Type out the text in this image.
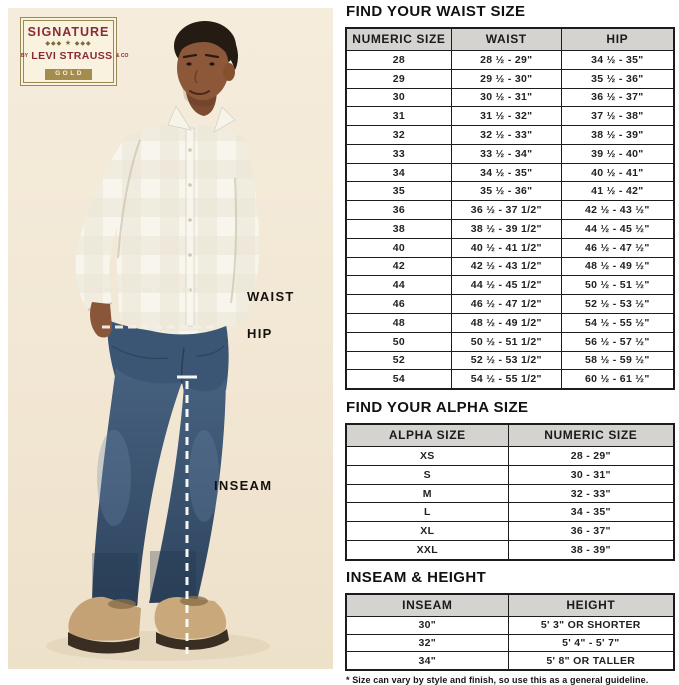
SIGNATURE
◆◆◆ ★ ◆◆◆
BY LEVI STRAUSS & CO
GOLD
WAIST
HIP
INSEAM
FIND YOUR WAIST SIZE
NUMERIC SIZE	WAIST	HIP
28	28 ½ - 29"	34 ½ - 35"
29	29 ½ - 30"	35 ½ - 36"
30	30 ½ - 31"	36 ½ - 37"
31	31 ½ - 32"	37 ½ - 38"
32	32 ½ - 33"	38 ½ - 39"
33	33 ½ - 34"	39 ½ - 40"
34	34 ½ - 35"	40 ½ - 41"
35	35 ½ - 36"	41 ½ - 42"
36	36 ½ - 37 1/2"	42 ½ - 43 ½"
38	38 ½ - 39 1/2"	44 ½ - 45 ½"
40	40 ½ - 41 1/2"	46 ½ - 47 ½"
42	42 ½ - 43 1/2"	48 ½ - 49 ½"
44	44 ½ - 45 1/2"	50 ½ - 51 ½"
46	46 ½ - 47 1/2"	52 ½ - 53 ½"
48	48 ½ - 49 1/2"	54 ½ - 55 ½"
50	50 ½ - 51 1/2"	56 ½ - 57 ½"
52	52 ½ - 53 1/2"	58 ½ - 59 ½"
54	54 ½ - 55 1/2"	60 ½ - 61 ½"
FIND YOUR ALPHA SIZE
ALPHA SIZE	NUMERIC SIZE
XS	28 - 29"
S	30 - 31"
M	32 - 33"
L	34 - 35"
XL	36 - 37"
XXL	38 - 39"
INSEAM & HEIGHT
INSEAM	HEIGHT
30"	5' 3" OR SHORTER
32"	5' 4" - 5' 7"
34"	5' 8" OR TALLER
* Size can vary by style and finish, so use this as a general guideline.
